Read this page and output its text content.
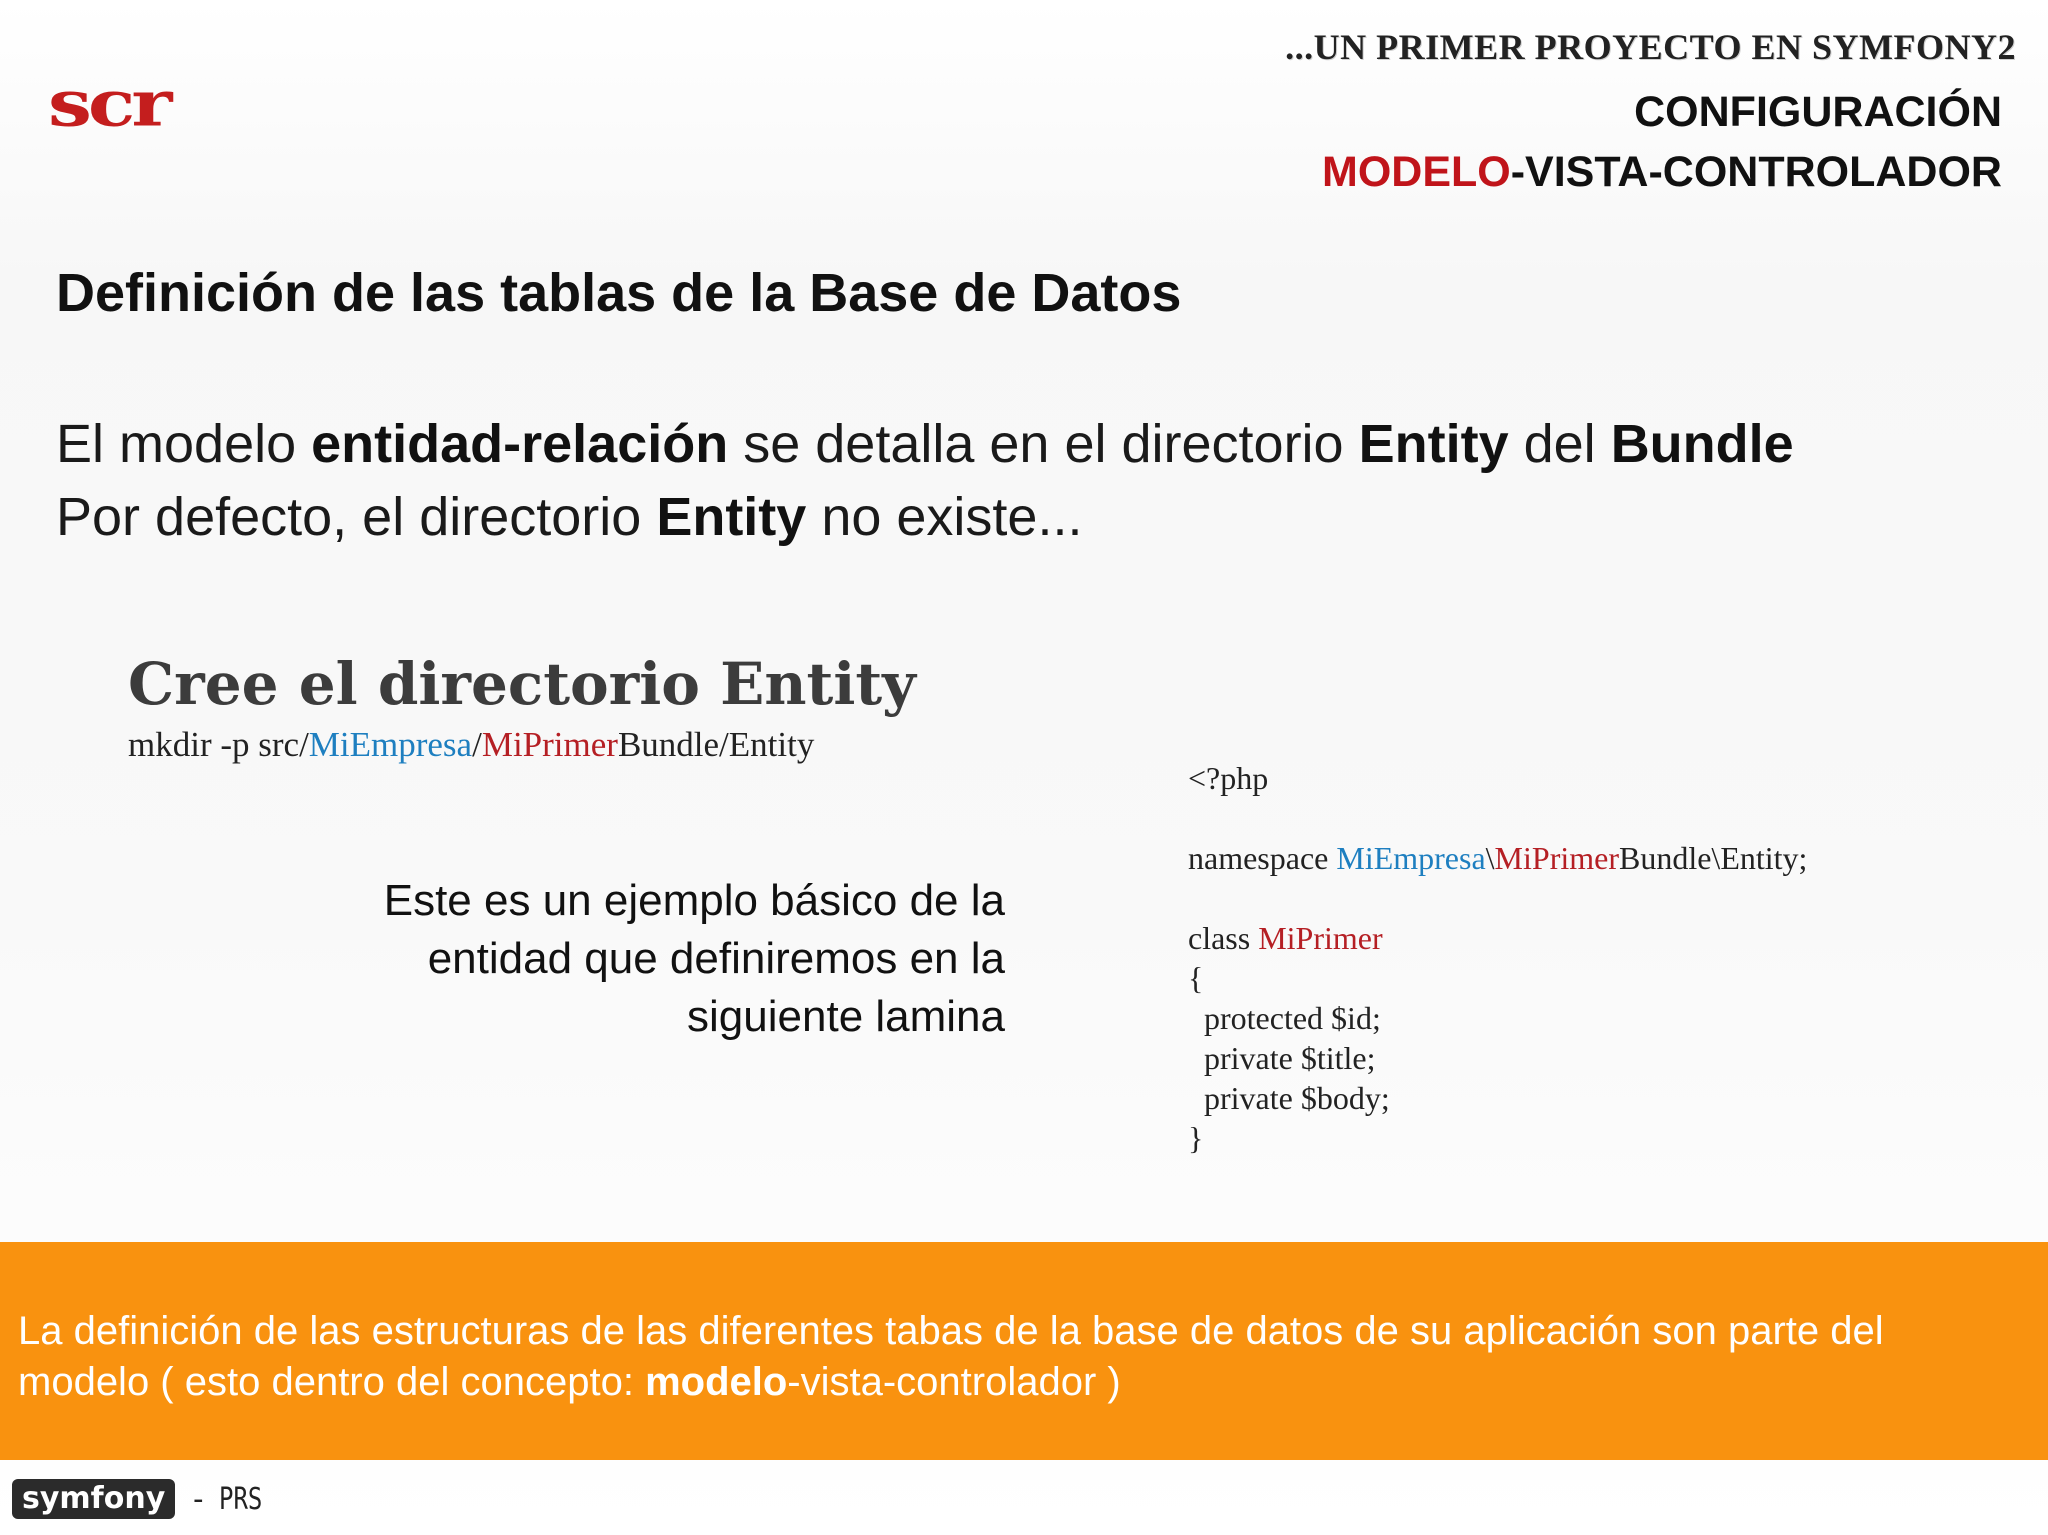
scr
...UN PRIMER PROYECTO EN SYMFONY2
CONFIGURACIÓN
MODELO-VISTA-CONTROLADOR
Definición de las tablas de la Base de Datos
El modelo entidad-relación se detalla en el directorio Entity del Bundle
Por defecto, el directorio Entity no existe...
Cree el directorio Entity
mkdir -p src/MiEmpresa/MiPrimerBundle/Entity
Este es un ejemplo básico de la
entidad que definiremos en la
siguiente lamina
<?php
namespace MiEmpresa\MiPrimerBundle\Entity;
class MiPrimer
{
protected $id;
private $title;
private $body;
}
La definición de las estructuras de las diferentes tabas de la base de datos de su aplicación son parte del
modelo ( esto dentro del concepto: modelo-vista-controlador )
symfony - PRS
